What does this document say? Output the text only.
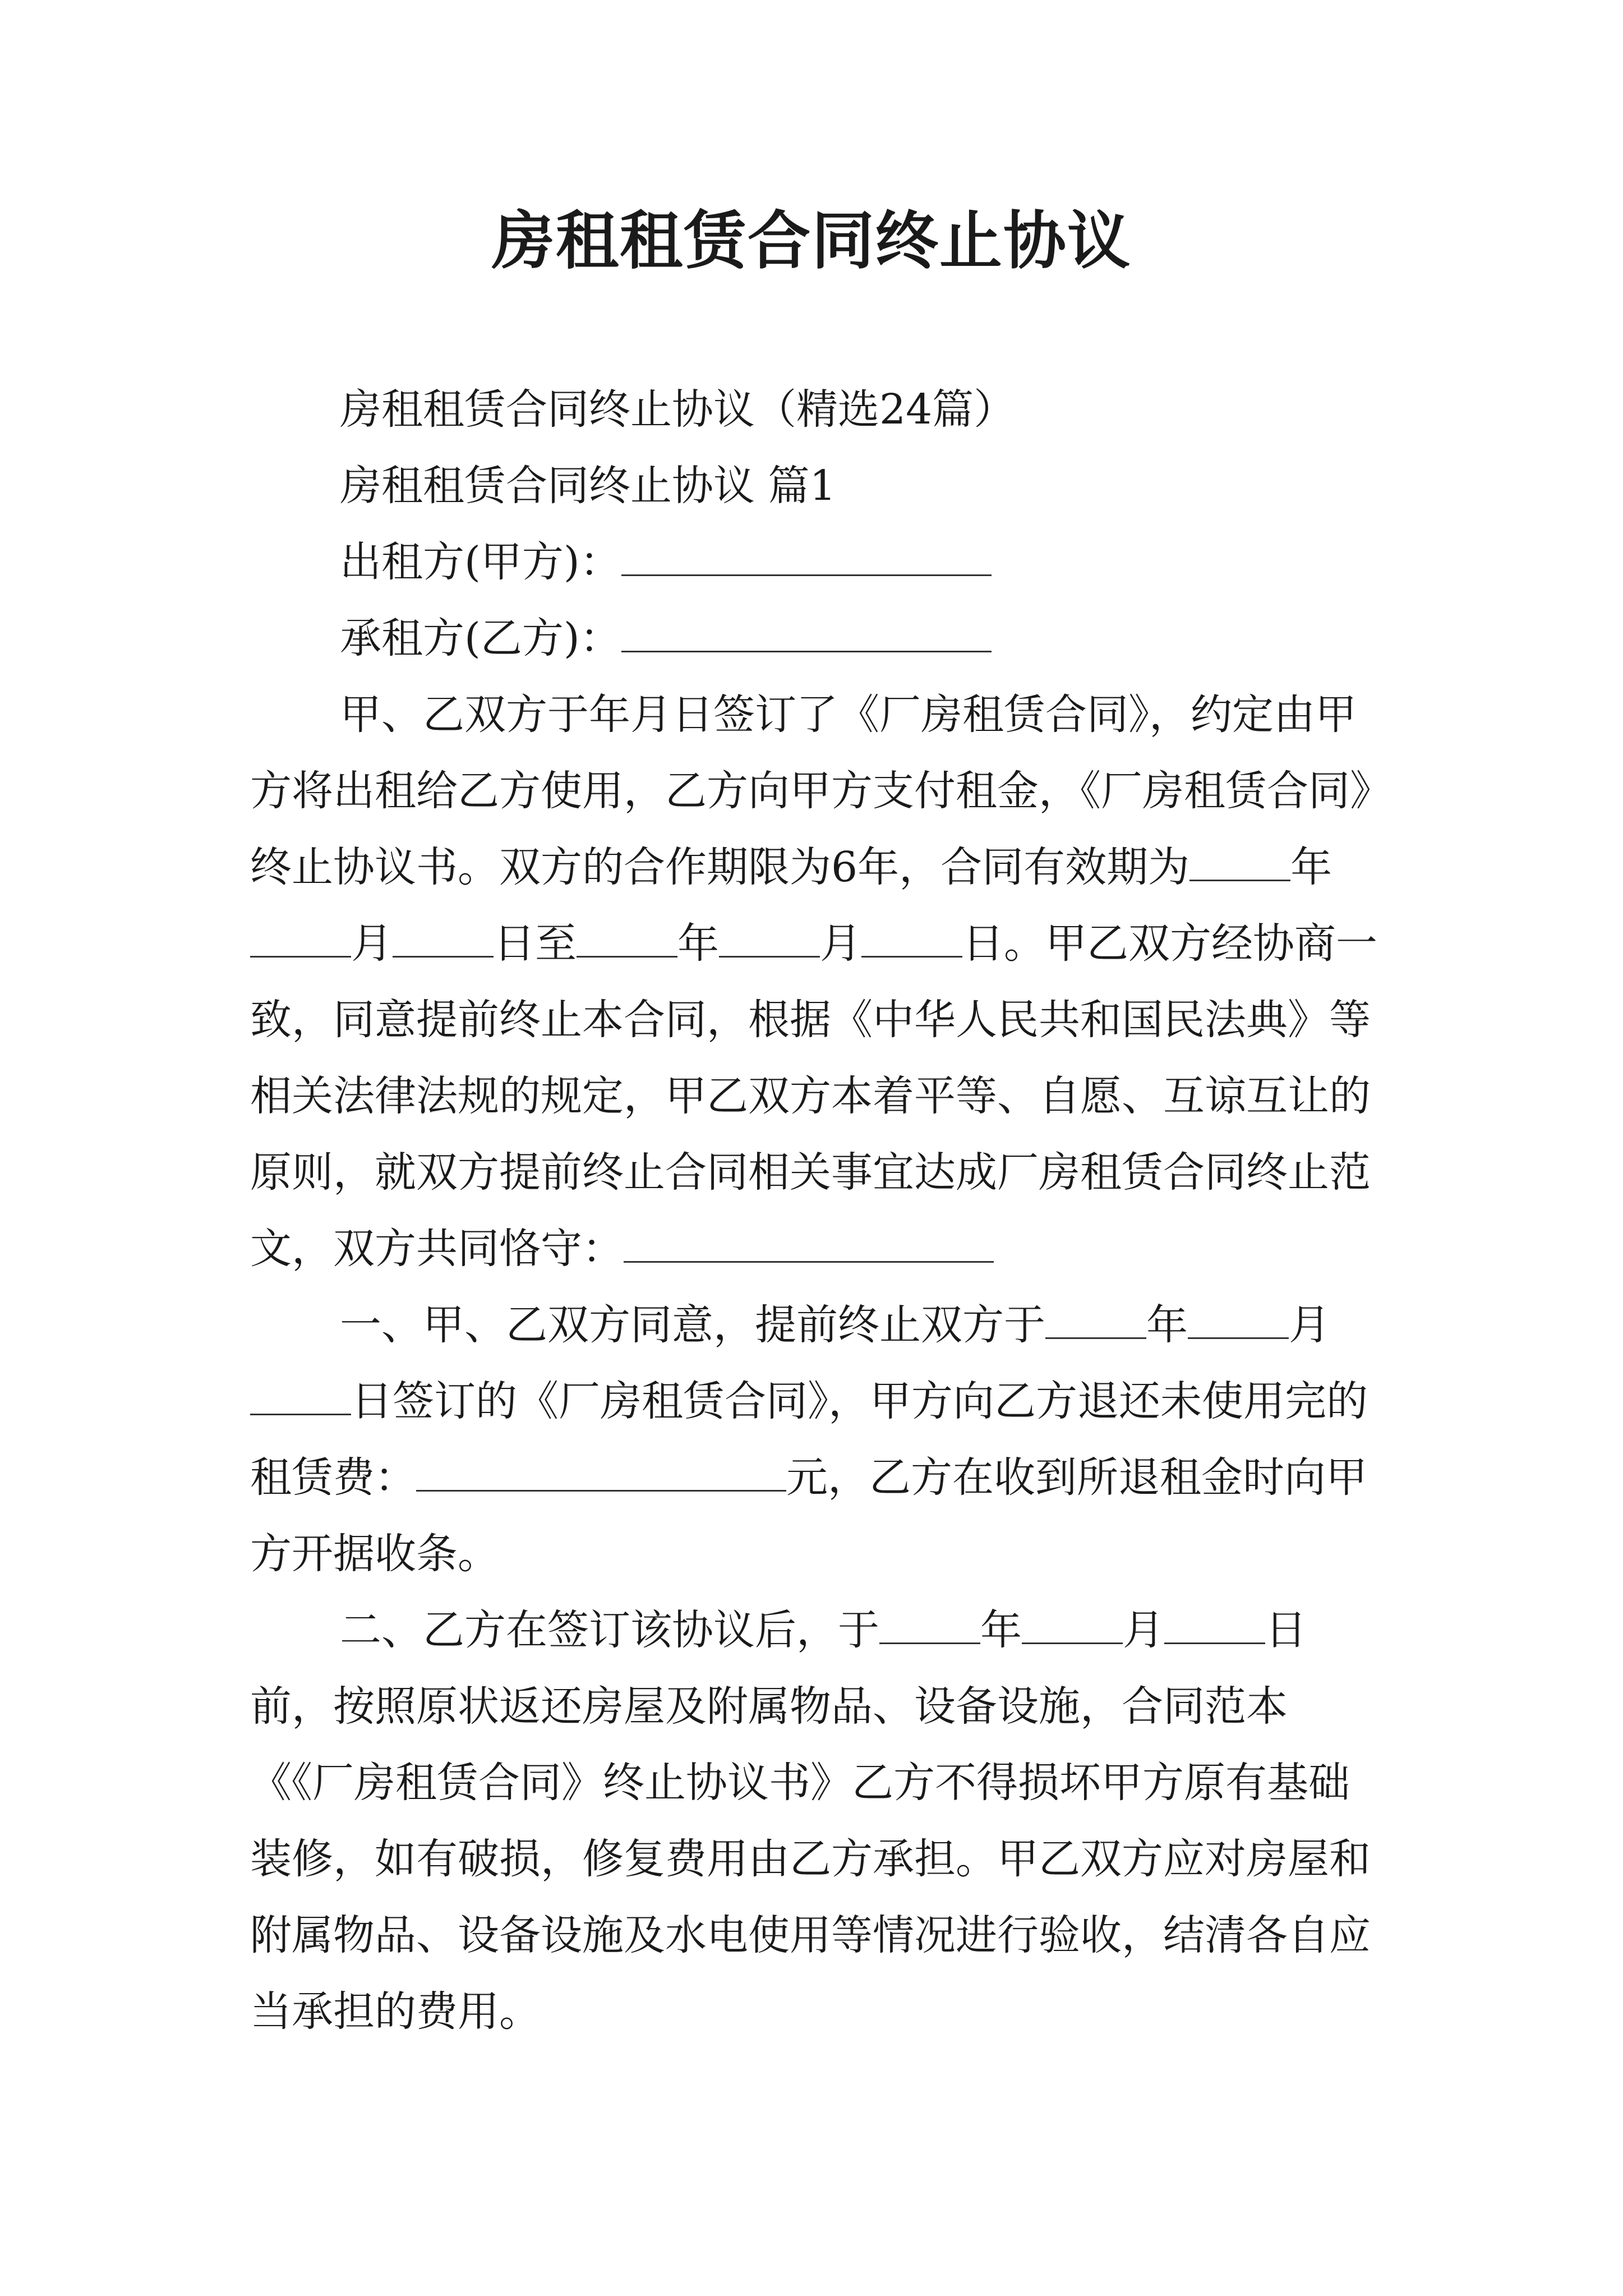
房租租赁合同终止协议

房租租赁合同终止协议（精选24篇）

房租租赁合同终止协议 篇1

出租方(甲方)：

承租方(乙方)：

甲、乙双方于年月日签订了《厂房租赁合同》，约定由甲方将出租给乙方使用，乙方向甲方支付租金，《厂房租赁合同》终止协议书。双方的合作期限为6年，合同有效期为 年月 日至 年 月 日。甲乙双方经协商一致，同意提前终止本合同，根据《中华人民共和国民法典》等相关法律法规的规定，甲乙双方本着平等、自愿、互谅互让的原则，就双方提前终止合同相关事宜达成厂房租赁合同终止范文，双方共同恪守：

一、甲、乙双方同意，提前终止双方于 年 月日签订的《厂房租赁合同》，甲方向乙方退还未使用完的租赁费：	元，乙方在收到所退租金时向甲方开据收条。

二、乙方在签订该协议后，于 年 月 日前，按照原状返还房屋及附属物品、设备设施，合同范本《《厂房租赁合同》终止协议书》乙方不得损坏甲方原有基础装修，如有破损，修复费用由乙方承担。甲乙双方应对房屋和附属物品、设备设施及水电使用等情况进行验收，结清各自应当承担的费用。
